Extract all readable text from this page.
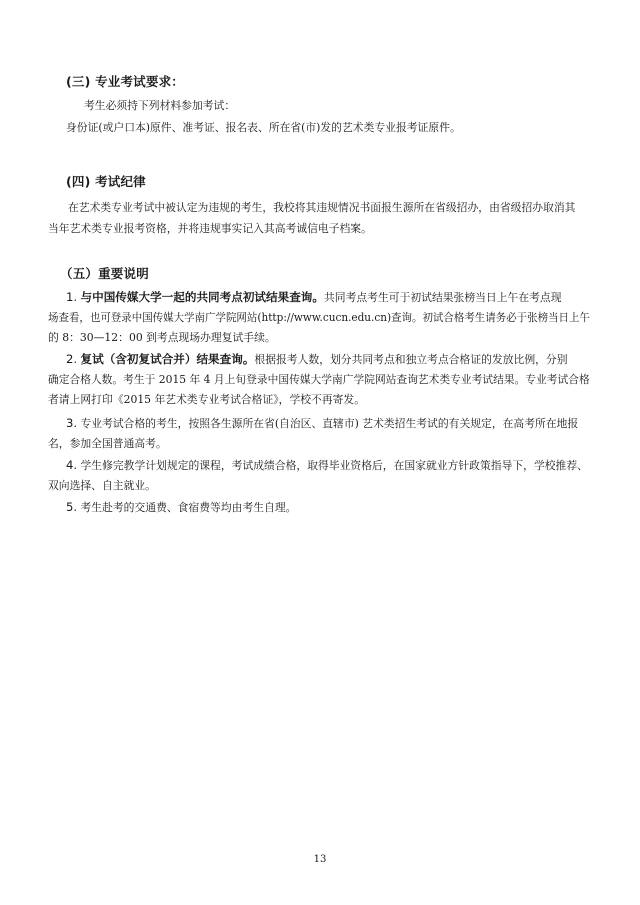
(三) 专业考试要求：
考生必须持下列材料参加考试：
身份证(或户口本)原件、准考证、报名表、所在省(市)发的艺术类专业报考证原件。
(四) 考试纪律
在艺术类专业考试中被认定为违规的考生，我校将其违规情况书面报生源所在省级招办，由省级招办取消其
当年艺术类专业报考资格，并将违规事实记入其高考诚信电子档案。
（五）重要说明
1. 与中国传媒大学一起的共同考点初试结果查询。共同考点考生可于初试结果张榜当日上午在考点现
场查看，也可登录中国传媒大学南广学院网站(http://www.cucn.edu.cn)查询。初试合格考生请务必于张榜当日上午
的 8：30—12：00 到考点现场办理复试手续。
2. 复试（含初复试合并）结果查询。根据报考人数，划分共同考点和独立考点合格证的发放比例，分别
确定合格人数。考生于 2015 年 4 月上旬登录中国传媒大学南广学院网站查询艺术类专业考试结果。专业考试合格
者请上网打印《2015 年艺术类专业考试合格证》，学校不再寄发。
3. 专业考试合格的考生，按照各生源所在省(自治区、直辖市) 艺术类招生考试的有关规定，在高考所在地报
名，参加全国普通高考。
4. 学生修完教学计划规定的课程，考试成绩合格，取得毕业资格后，在国家就业方针政策指导下，学校推荐、
双向选择、自主就业。
5. 考生赴考的交通费、食宿费等均由考生自理。
13
